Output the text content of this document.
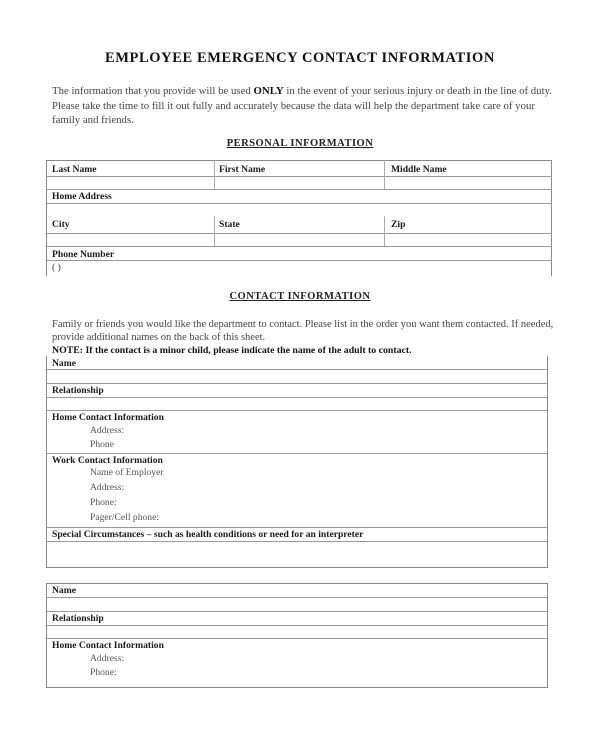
EMPLOYEE EMERGENCY CONTACT INFORMATION
The information that you provide will be used ONLY in the event of your serious injury or death in the line of duty. Please take the time to fill it out fully and accurately because the data will help the department take care of your family and friends.
PERSONAL INFORMATION
Last Name	First Name	Middle Name
Home Address
City	State	Zip
Phone Number
( )
CONTACT INFORMATION
Family or friends you would like the department to contact. Please list in the order you want them contacted. If needed, provide additional names on the back of this sheet.
NOTE: If the contact is a minor child, please indicate the name of the adult to contact.
Name
Relationship
Home Contact Information
Address:
Phone
Work Contact Information
Name of Employer
Address:
Phone:
Pager/Cell phone:
Special Circumstances – such as health conditions or need for an interpreter
Name
Relationship
Home Contact Information
Address:
Phone:
